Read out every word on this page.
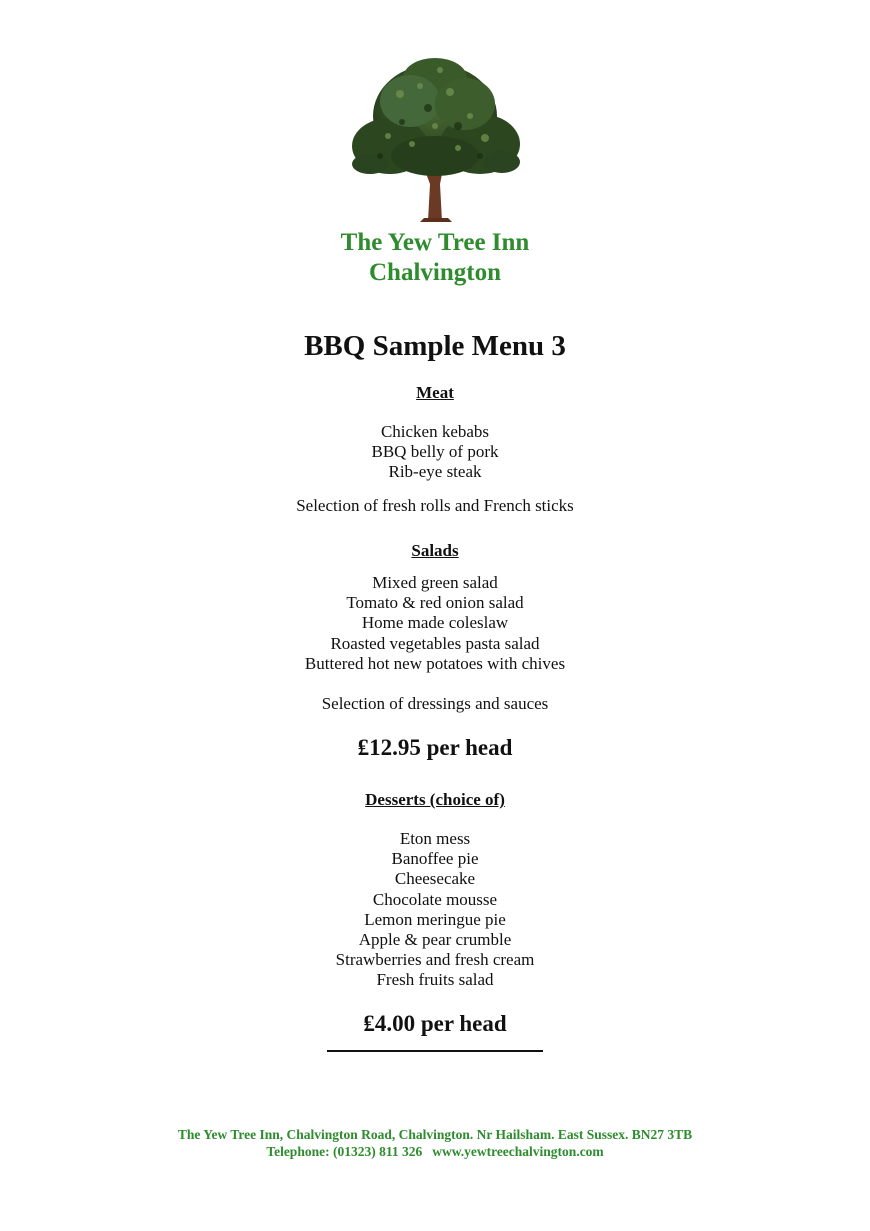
The Yew Tree Inn
Chalvington
BBQ Sample Menu 3
Meat
Chicken kebabs
BBQ belly of pork
Rib-eye steak
Selection of fresh rolls and French sticks
Salads
Mixed green salad
Tomato & red onion salad
Home made coleslaw
Roasted vegetables pasta salad
Buttered hot new potatoes with chives
Selection of dressings and sauces
₤12.95 per head
Desserts (choice of)
Eton mess
Banoffee pie
Cheesecake
Chocolate mousse
Lemon meringue pie
Apple & pear crumble
Strawberries and fresh cream
Fresh fruits salad
₤4.00 per head
The Yew Tree Inn, Chalvington Road, Chalvington. Nr Hailsham. East Sussex. BN27 3TB
Telephone: (01323) 811 326 www.yewtreechalvington.com
